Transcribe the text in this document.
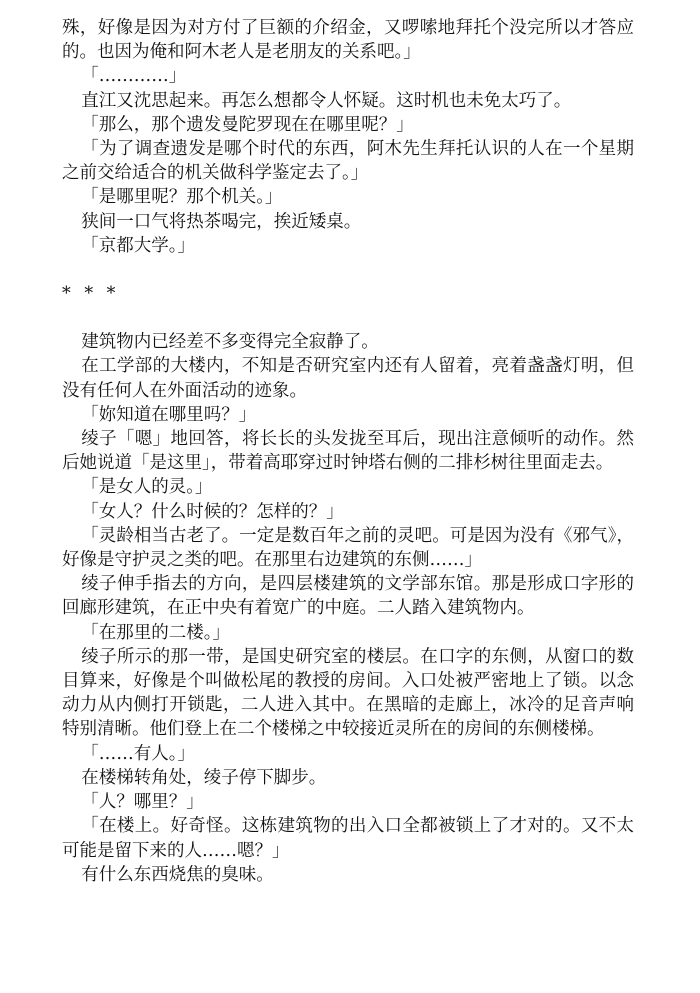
殊，好像是因为对方付了巨额的介绍金，又啰嗦地拜托个没完所以才答应的。也因为俺和阿木老人是老朋友的关系吧。」

「…………」

直江又沈思起来。再怎么想都令人怀疑。这时机也未免太巧了。

「那么，那个遗发曼陀罗现在在哪里呢？」

「为了调查遗发是哪个时代的东西，阿木先生拜托认识的人在一个星期之前交给适合的机关做科学鉴定去了。」

「是哪里呢？那个机关。」

狭间一口气将热茶喝完，挨近矮桌。

「京都大学。」

* * *

建筑物内已经差不多变得完全寂静了。

在工学部的大楼内，不知是否研究室内还有人留着，亮着盏盏灯明，但没有任何人在外面活动的迹象。

「妳知道在哪里吗？」

绫子「嗯」地回答，将长长的头发拢至耳后，现出注意倾听的动作。然后她说道「是这里」，带着高耶穿过时钟塔右侧的二排杉树往里面走去。

「是女人的灵。」

「女人？什么时候的？怎样的？」

「灵龄相当古老了。一定是数百年之前的灵吧。可是因为没有《邪气》，好像是守护灵之类的吧。在那里右边建筑的东侧……」

绫子伸手指去的方向，是四层楼建筑的文学部东馆。那是形成口字形的回廊形建筑，在正中央有着宽广的中庭。二人踏入建筑物内。

「在那里的二楼。」

绫子所示的那一带，是国史研究室的楼层。在口字的东侧，从窗口的数目算来，好像是个叫做松尾的教授的房间。入口处被严密地上了锁。以念动力从内侧打开锁匙，二人进入其中。在黑暗的走廊上，冰冷的足音声响特别清晰。他们登上在二个楼梯之中较接近灵所在的房间的东侧楼梯。

「……有人。」

在楼梯转角处，绫子停下脚步。

「人？哪里？」

「在楼上。好奇怪。这栋建筑物的出入口全都被锁上了才对的。又不太可能是留下来的人……嗯？」

有什么东西烧焦的臭味。
